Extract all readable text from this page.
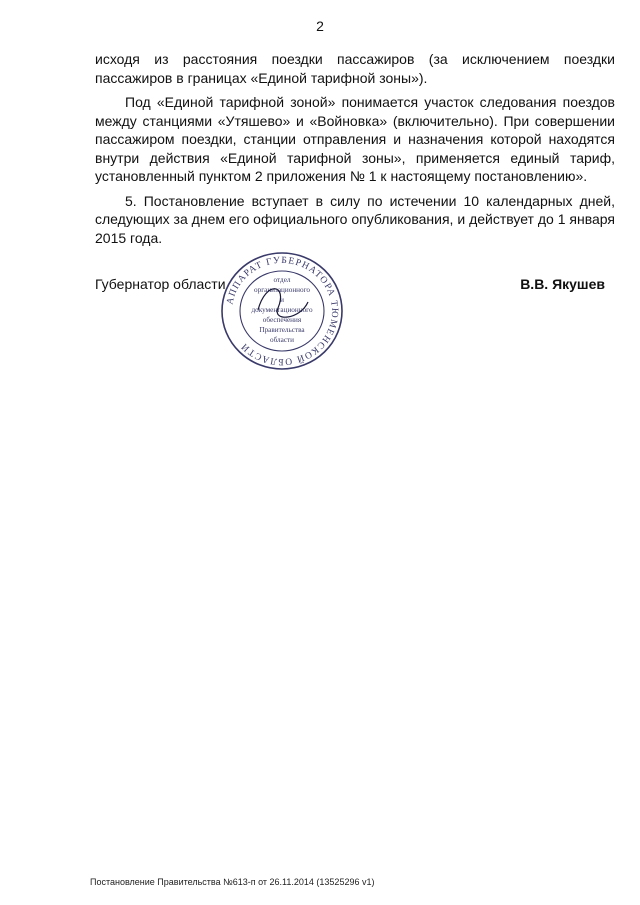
2

исходя из расстояния поездки пассажиров (за исключением поездки пассажиров в границах «Единой тарифной зоны»).

Под «Единой тарифной зоной» понимается участок следования поездов между станциями «Утяшево» и «Войновка» (включительно). При совершении пассажиром поездки, станции отправления и назначения которой находятся внутри действия «Единой тарифной зоны», применяется единый тариф, установленный пунктом 2 приложения № 1 к настоящему постановлению».

5. Постановление вступает в силу по истечении 10 календарных дней, следующих за днем его официального опубликования, и действует до 1 января 2015 года.

Губернатор области	В.В. Якушев
АППАРАТ ГУБЕРНАТОРА ТЮМЕНСКОЙ ОБЛАСТИ
отдел
организационного
и
документационного
обеспечения
Правительства
области
Постановление Правительства №613-п от 26.11.2014 (13525296 v1)
